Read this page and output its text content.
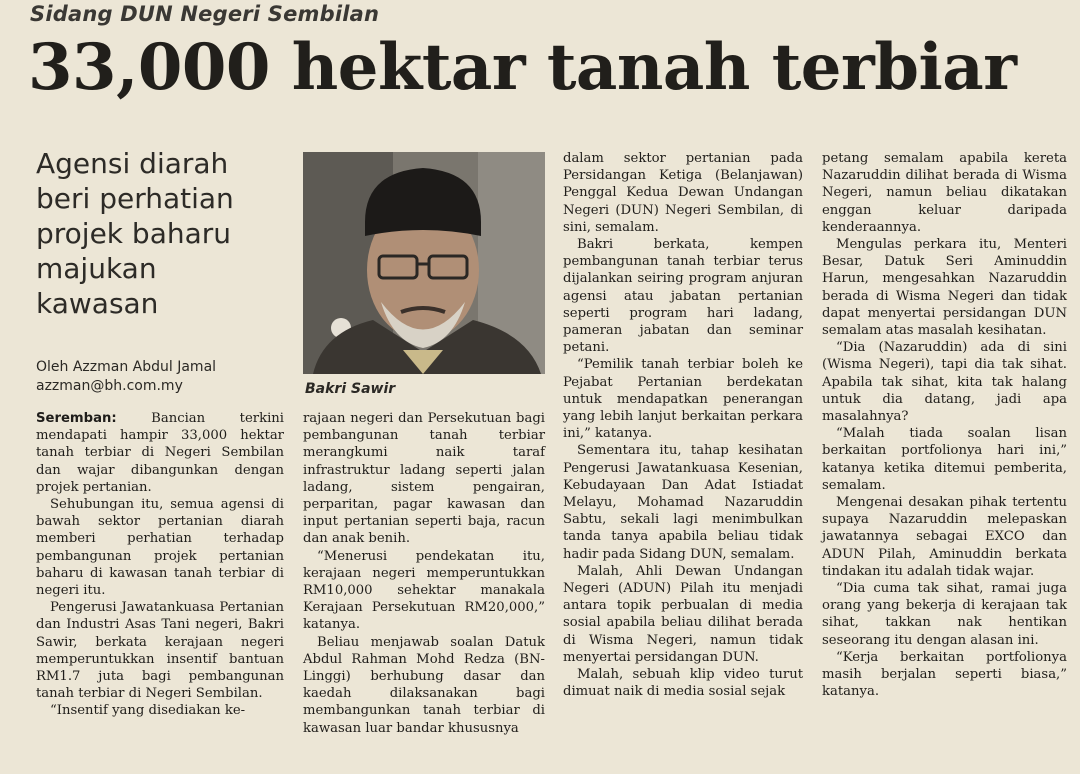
Sidang DUN Negeri Sembilan
33,000 hektar tanah terbiar
Agensi diarah
beri perhatian
projek baharu
majukan
kawasan
Oleh Azzman Abdul Jamal
azzman@bh.com.my	Bakri Sawir

Seremban:	Bancian terkini mendapati hampir 33,000 hektar tanah terbiar di Negeri Sembilan dan wajar dibangunkan dengan projek pertanian.

Sehubungan itu, semua agensi di bawah sektor pertanian diarah memberi perhatian terhadap pembangunan projek pertanian baharu di kawasan tanah terbiar di negeri itu.

Pengerusi Jawatankuasa Pertanian dan Industri Asas Tani negeri, Bakri Sawir, berkata kerajaan negeri memperuntukkan insentif bantuan RM1.7 juta bagi pembangunan tanah terbiar di Negeri Sembilan.

“Insentif yang disediakan ke-

rajaan negeri dan Persekutuan bagi pembangunan tanah terbiar merangkumi naik taraf infrastruktur ladang seperti jalan ladang, sistem pengairan, perparitan, pagar kawasan dan input pertanian seperti baja, racun dan anak benih.

“Menerusi pendekatan itu, kerajaan negeri memperuntukkan RM10,000 sehektar manakala Kerajaan Persekutuan RM20,000,” katanya.

Beliau menjawab soalan Datuk Abdul Rahman Mohd Redza (BN-Linggi) berhubung dasar dan kaedah dilaksanakan bagi membangunkan tanah terbiar di kawasan luar bandar khususnya

dalam sektor pertanian pada Persidangan Ketiga (Belanjawan) Penggal Kedua Dewan Undangan Negeri (DUN) Negeri Sembilan, di sini, semalam.

Bakri berkata, kempen pembangunan tanah terbiar terus dijalankan seiring program anjuran agensi atau jabatan pertanian seperti program hari ladang, pameran jabatan dan seminar petani.

“Pemilik tanah terbiar boleh ke Pejabat Pertanian berdekatan untuk mendapatkan penerangan yang lebih lanjut berkaitan perkara ini,” katanya.

Sementara itu, tahap kesihatan Pengerusi Jawatankuasa Kesenian, Kebudayaan Dan Adat Istiadat Melayu, Mohamad Nazaruddin Sabtu, sekali lagi menimbulkan tanda tanya apabila beliau tidak hadir pada Sidang DUN, semalam.

Malah, Ahli Dewan Undangan Negeri (ADUN) Pilah itu menjadi antara topik perbualan di media sosial apabila beliau dilihat berada di Wisma Negeri, namun tidak menyertai persidangan DUN.

Malah, sebuah klip video turut dimuat naik di media sosial sejak

petang semalam apabila kereta Nazaruddin dilihat berada di Wisma Negeri, namun beliau dikatakan enggan keluar daripada kenderaannya.

Mengulas perkara itu, Menteri Besar, Datuk Seri Aminuddin Harun, mengesahkan Nazaruddin berada di Wisma Negeri dan tidak dapat menyertai persidangan DUN semalam atas masalah kesihatan.

“Dia (Nazaruddin) ada di sini (Wisma Negeri), tapi dia tak sihat. Apabila tak sihat, kita tak halang untuk dia datang, jadi apa masalahnya?

“Malah tiada soalan lisan berkaitan portfolionya hari ini,” katanya ketika ditemui pemberita, semalam.

Mengenai desakan pihak tertentu supaya Nazaruddin melepaskan jawatannya sebagai EXCO dan ADUN Pilah, Aminuddin berkata tindakan itu adalah tidak wajar.

“Dia cuma tak sihat, ramai juga orang yang bekerja di kerajaan tak sihat, takkan nak hentikan seseorang itu dengan alasan ini.

“Kerja berkaitan portfolionya masih berjalan seperti biasa,” katanya.
